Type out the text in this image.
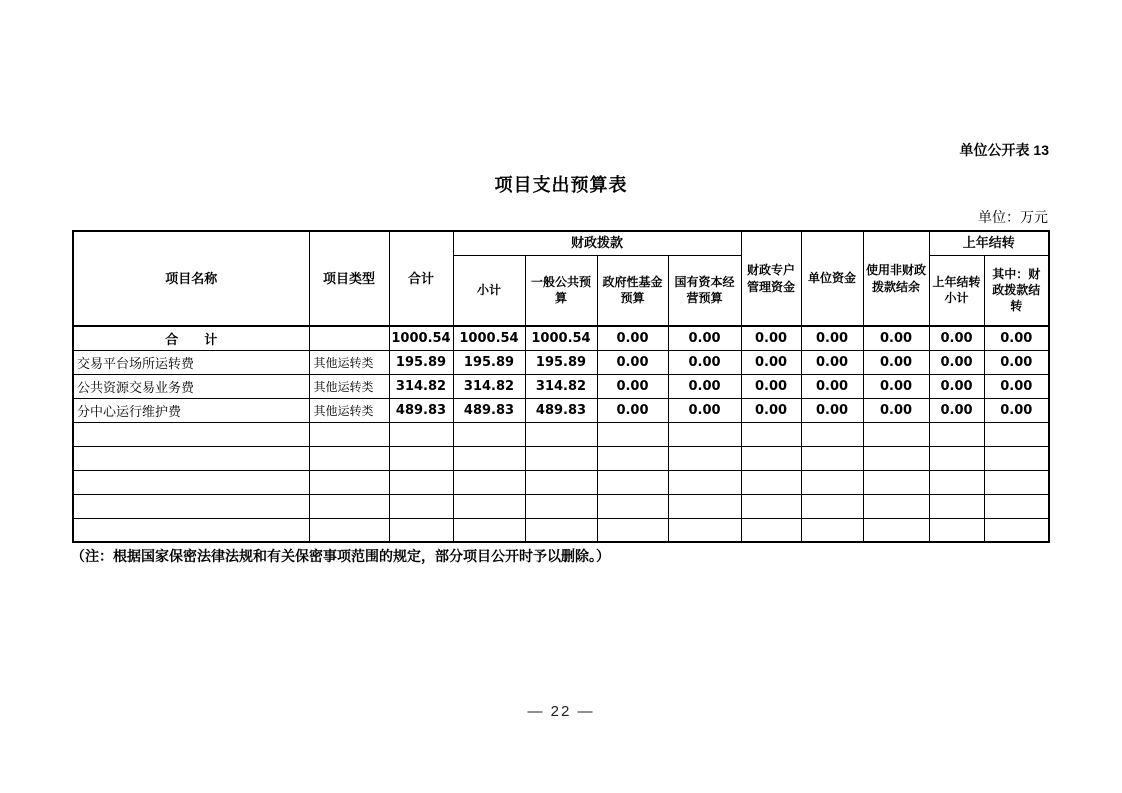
单位公开表 13
项目支出预算表
单位：万元
项目名称	项目类型	合计	财政拨款				财政专户管理资金	单位资金	使用非财政拨款结余	上年结转	
			小计	一般公共预算	政府性基金预算	国有资本经营预算				上年结转小计	其中：财政拨款结转
合　　计		1000.54	1000.54	1000.54	0.00	0.00	0.00	0.00	0.00	0.00	0.00
交易平台场所运转费	其他运转类	195.89	195.89	195.89	0.00	0.00	0.00	0.00	0.00	0.00	0.00
公共资源交易业务费	其他运转类	314.82	314.82	314.82	0.00	0.00	0.00	0.00	0.00	0.00	0.00
分中心运行维护费	其他运转类	489.83	489.83	489.83	0.00	0.00	0.00	0.00	0.00	0.00	0.00

（注：根据国家保密法律法规和有关保密事项范围的规定，部分项目公开时予以删除。）
— 22 —
